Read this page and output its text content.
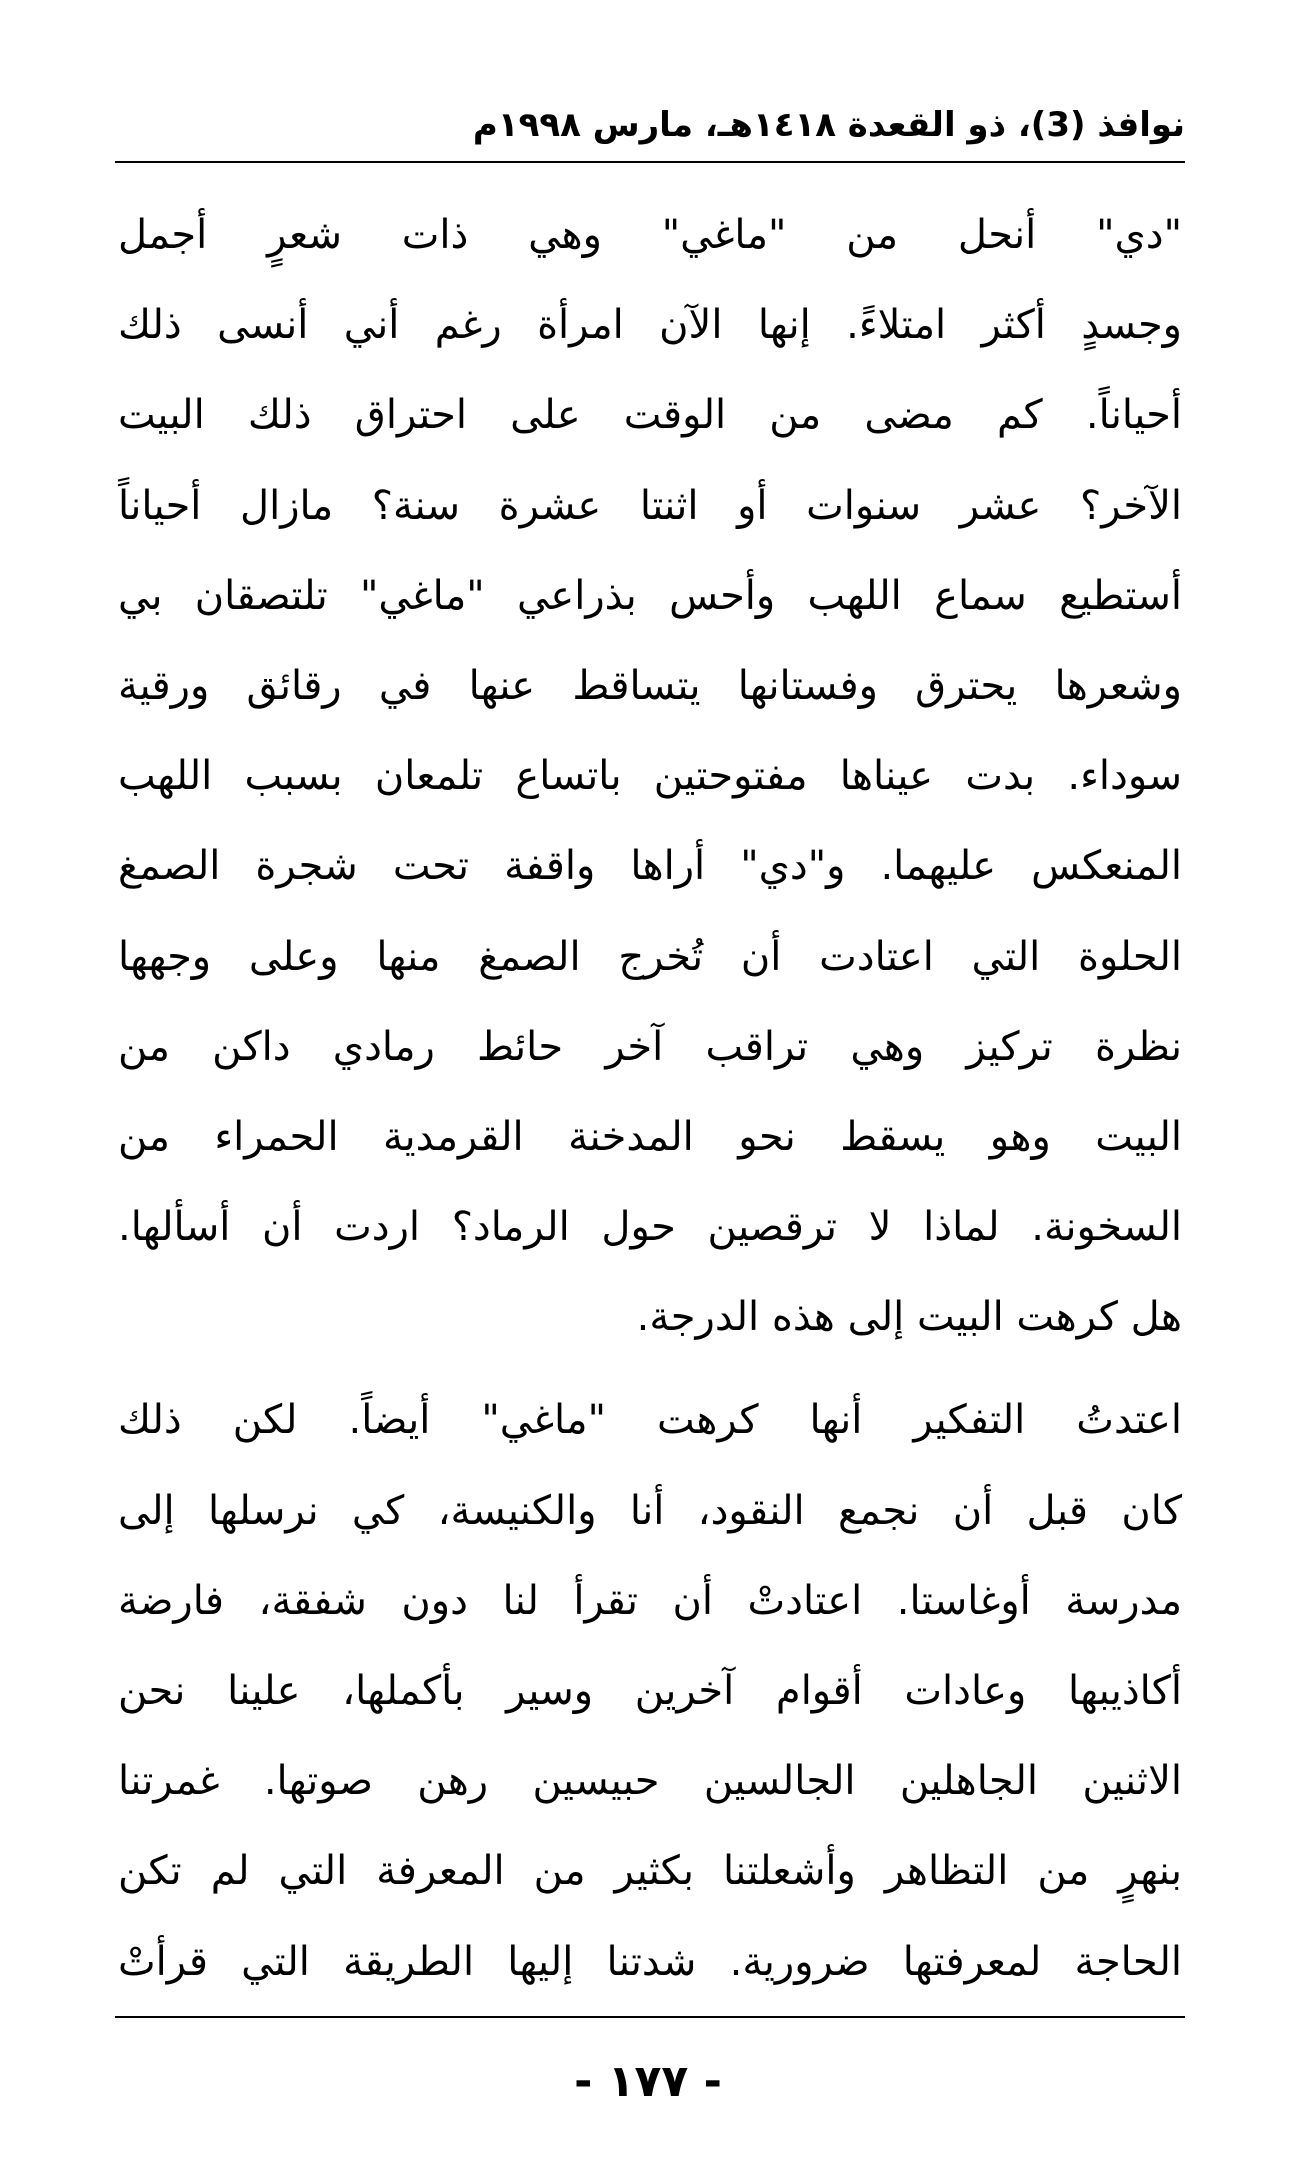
نوافذ (3)، ذو القعدة ١٤١٨هـ، مارس ١٩٩٨م
"دي" أنحل من "ماغي" وهي ذات شعرٍ أجمل
وجسدٍ أكثر امتلاءً. إنها الآن امرأة رغم أني أنسى ذلك
أحياناً. كم مضى من الوقت على احتراق ذلك البيت
الآخر؟ عشر سنوات أو اثنتا عشرة سنة؟ مازال أحياناً
أستطيع سماع اللهب وأحس بذراعي "ماغي" تلتصقان بي
وشعرها يحترق وفستانها يتساقط عنها في رقائق ورقية
سوداء. بدت عيناها مفتوحتين باتساع تلمعان بسبب اللهب
المنعكس عليهما. و"دي" أراها واقفة تحت شجرة الصمغ
الحلوة التي اعتادت أن تُخرج الصمغ منها وعلى وجهها
نظرة تركيز وهي تراقب آخر حائط رمادي داكن من
البيت وهو يسقط نحو المدخنة القرمدية الحمراء من
السخونة. لماذا لا ترقصين حول الرماد؟ اردت أن أسألها.
هل كرهت البيت إلى هذه الدرجة.
اعتدتُ التفكير أنها كرهت "ماغي" أيضاً. لكن ذلك
كان قبل أن نجمع النقود، أنا والكنيسة، كي نرسلها إلى
مدرسة أوغاستا. اعتادتْ أن تقرأ لنا دون شفقة، فارضة
أكاذيبها وعادات أقوام آخرين وسير بأكملها، علينا نحن
الاثنين الجاهلين الجالسين حبيسين رهن صوتها. غمرتنا
بنهرٍ من التظاهر وأشعلتنا بكثير من المعرفة التي لم تكن
الحاجة لمعرفتها ضرورية. شدتنا إليها الطريقة التي قرأتْ
- ١٧٧ -
